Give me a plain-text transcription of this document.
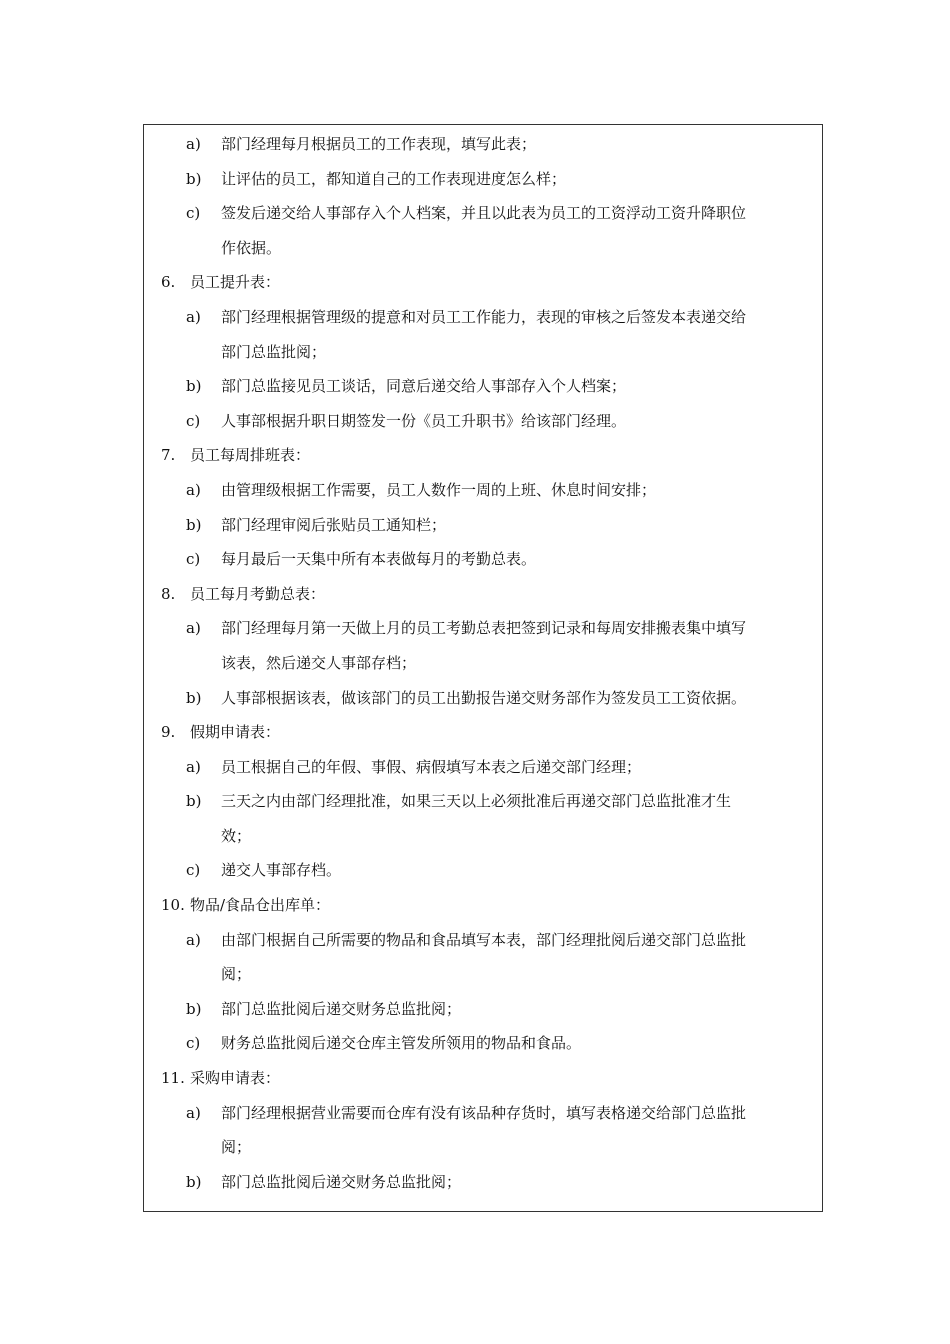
a) 部门经理每月根据员工的工作表现，填写此表；
b) 让评估的员工，都知道自己的工作表现进度怎么样；
c) 签发后递交给人事部存入个人档案，并且以此表为员工的工资浮动工资升降职位
作依据。
6. 员工提升表：
a) 部门经理根据管理级的提意和对员工工作能力，表现的审核之后签发本表递交给
部门总监批阅；
b) 部门总监接见员工谈话，同意后递交给人事部存入个人档案；
c) 人事部根据升职日期签发一份《员工升职书》给该部门经理。
7. 员工每周排班表：
a) 由管理级根据工作需要，员工人数作一周的上班、休息时间安排；
b) 部门经理审阅后张贴员工通知栏；
c) 每月最后一天集中所有本表做每月的考勤总表。
8. 员工每月考勤总表：
a) 部门经理每月第一天做上月的员工考勤总表把签到记录和每周安排搬表集中填写
该表，然后递交人事部存档；
b) 人事部根据该表，做该部门的员工出勤报告递交财务部作为签发员工工资依据。
9. 假期申请表：
a) 员工根据自己的年假、事假、病假填写本表之后递交部门经理；
b) 三天之内由部门经理批准，如果三天以上必须批准后再递交部门总监批准才生
效；
c) 递交人事部存档。
10. 物品/食品仓出库单：
a) 由部门根据自己所需要的物品和食品填写本表，部门经理批阅后递交部门总监批
阅；
b) 部门总监批阅后递交财务总监批阅；
c) 财务总监批阅后递交仓库主管发所领用的物品和食品。
11. 采购申请表：
a) 部门经理根据营业需要而仓库有没有该品种存货时，填写表格递交给部门总监批
阅；
b) 部门总监批阅后递交财务总监批阅；
